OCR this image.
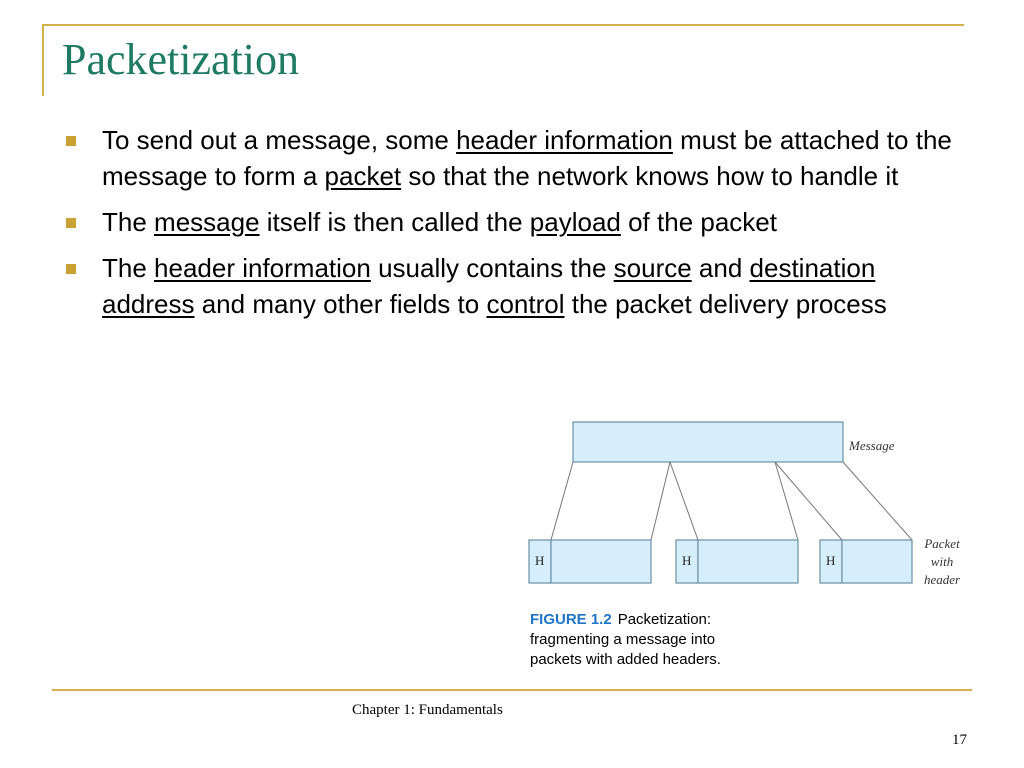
Packetization
To send out a message, some header information must be attached to the message to form a packet so that the network knows how to handle it
The message itself is then called the payload of the packet
The header information usually contains the source and destination address and many other fields to control the packet delivery process
Message
H	H	H
Packet
with
header
FIGURE 1.2 Packetization: fragmenting a message into packets with added headers.
Chapter 1: Fundamentals
17
